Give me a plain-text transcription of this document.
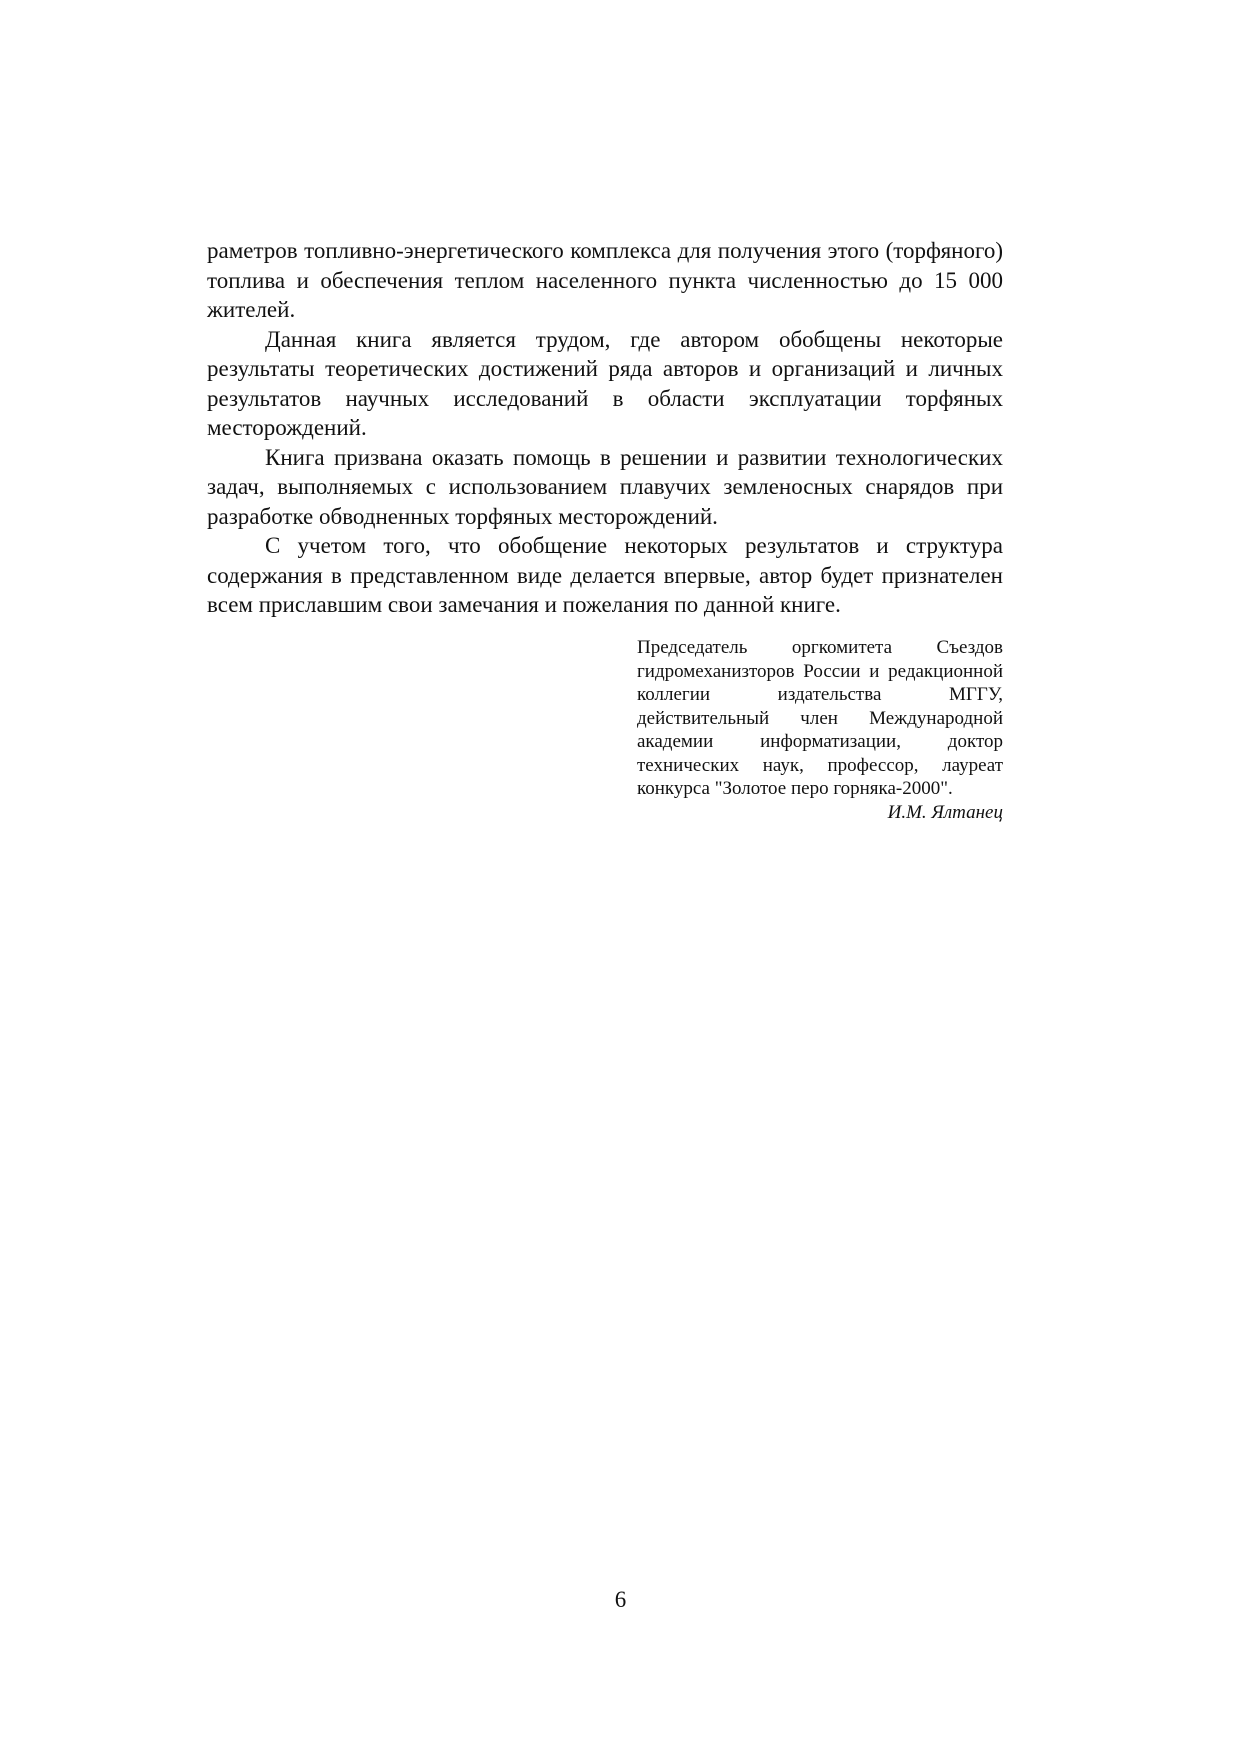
раметров топливно-энергетического комплекса для получения этого (торфяного) топлива и обеспечения теплом населенного пункта численностью до 15 000 жителей.

Данная книга является трудом, где автором обобщены некоторые результаты теоретических достижений ряда авторов и организаций и личных результатов научных исследований в области эксплуатации торфяных месторождений.

Книга призвана оказать помощь в решении и развитии технологических задач, выполняемых с использованием плавучих земленосных снарядов при разработке обводненных торфяных месторождений.

С учетом того, что обобщение некоторых результатов и структура содержания в представленном виде делается впервые, автор будет признателен всем приславшим свои замечания и пожелания по данной книге.

Председатель оргкомитета Съездов гидромеханизторов России и редакционной коллегии издательства МГГУ, действительный член Международной академии информатизации, доктор технических наук, профессор, лауреат конкурса "Золотое перо горняка-2000".

И.М. Ялтанец

6
